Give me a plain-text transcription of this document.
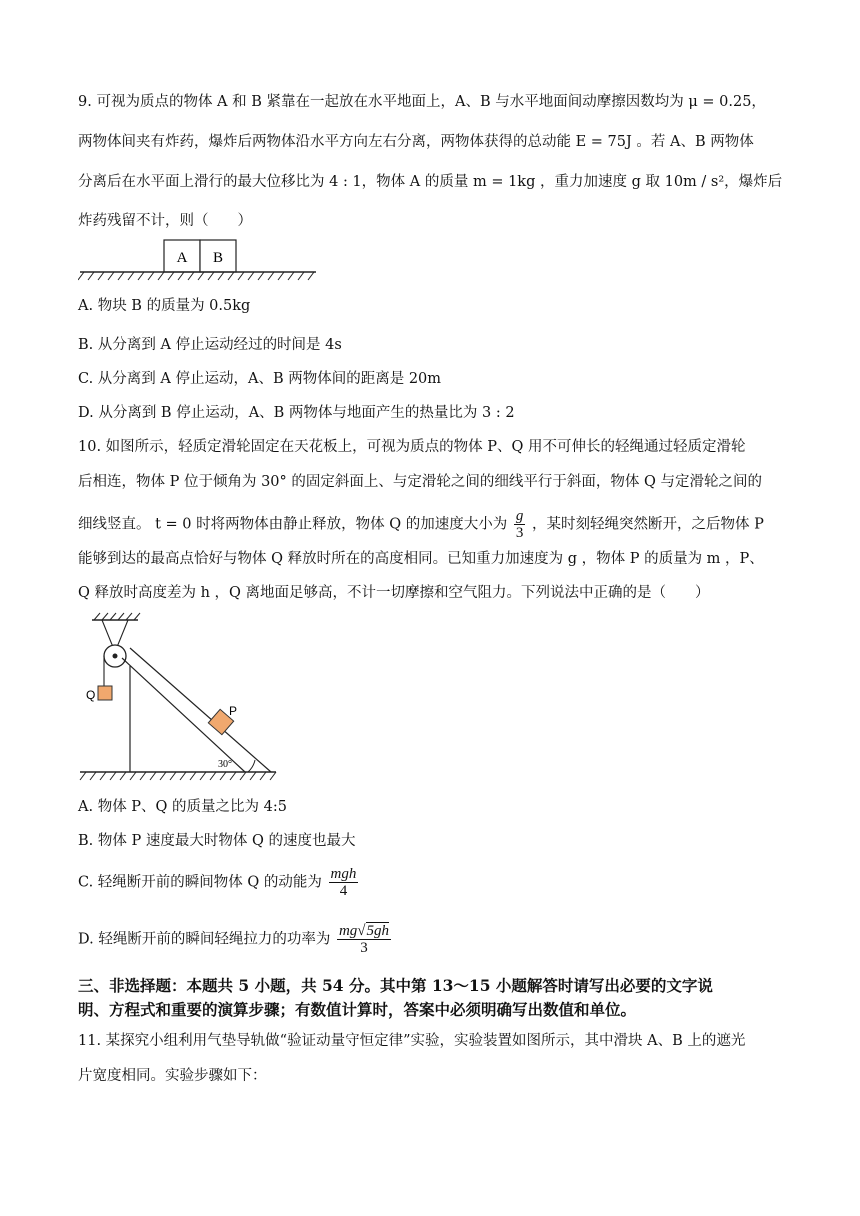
9. 可视为质点的物体 A 和 B 紧靠在一起放在水平地面上，A、B 与水平地面间动摩擦因数均为 μ = 0.25，
两物体间夹有炸药，爆炸后两物体沿水平方向左右分离，两物体获得的总动能 E = 75J 。若 A、B 两物体
分离后在水平面上滑行的最大位移比为 4 : 1，物体 A 的质量 m = 1kg ，重力加速度 g 取 10m / s²，爆炸后
炸药残留不计，则（　　）
A B
A. 物块 B 的质量为 0.5kg
B. 从分离到 A 停止运动经过的时间是 4s
C. 从分离到 A 停止运动，A、B 两物体间的距离是 20m
D. 从分离到 B 停止运动，A、B 两物体与地面产生的热量比为 3 : 2
10. 如图所示，轻质定滑轮固定在天花板上，可视为质点的物体 P、Q 用不可伸长的轻绳通过轻质定滑轮
后相连，物体 P 位于倾角为 30° 的固定斜面上、与定滑轮之间的细线平行于斜面，物体 Q 与定滑轮之间的
细线竖直。 t = 0 时将两物体由静止释放，物体 Q 的加速度大小为 $\frac{g}{3}$ ，某时刻轻绳突然断开，之后物体 P
能够到达的最高点恰好与物体 Q 释放时所在的高度相同。已知重力加速度为 g ，物体 P 的质量为 m ，P、
Q 释放时高度差为 h ，Q 离地面足够高，不计一切摩擦和空气阻力。下列说法中正确的是（　　）
Q
P
30°
A. 物体 P、Q 的质量之比为 4:5
B. 物体 P 速度最大时物体 Q 的速度也最大
C. 轻绳断开前的瞬间物体 Q 的动能为 $\frac{\text{mgh}}{4}$
D. 轻绳断开前的瞬间轻绳拉力的功率为 $\frac{mg√5gh}{3}$
三、非选择题：本题共 5 小题，共 54 分。其中第 13～15 小题解答时请写出必要的文字说
明、方程式和重要的演算步骤；有数值计算时，答案中必须明确写出数值和单位。
11. 某探究小组利用气垫导轨做“验证动量守恒定律”实验，实验装置如图所示，其中滑块 A、B 上的遮光
片宽度相同。实验步骤如下：
